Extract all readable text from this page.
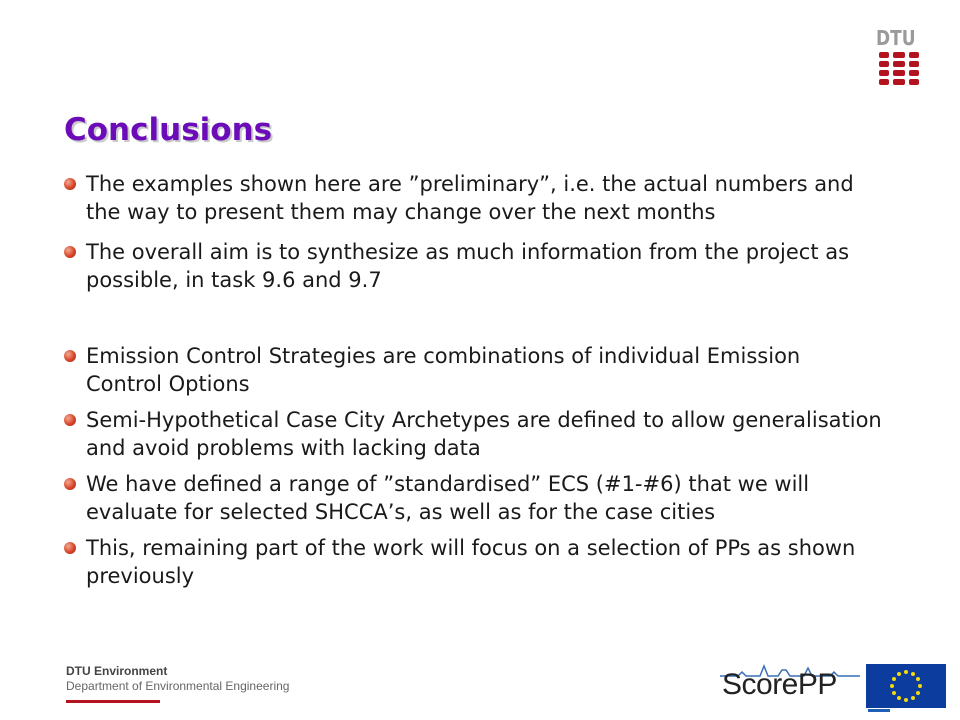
DTU
Conclusions
The examples shown here are ”preliminary”, i.e. the actual numbers and the way to present them may change over the next months
The overall aim is to synthesize as much information from the project as possible, in task 9.6 and 9.7
Emission Control Strategies are combinations of individual Emission Control Options
Semi-Hypothetical Case City Archetypes are defined to allow generalisation and avoid problems with lacking data
We have defined a range of ”standardised” ECS (#1-#6) that we will evaluate for selected SHCCA’s, as well as for the case cities
This, remaining part of the work will focus on a selection of PPs as shown previously
DTU Environment
Department of Environmental Engineering	ScorePP
